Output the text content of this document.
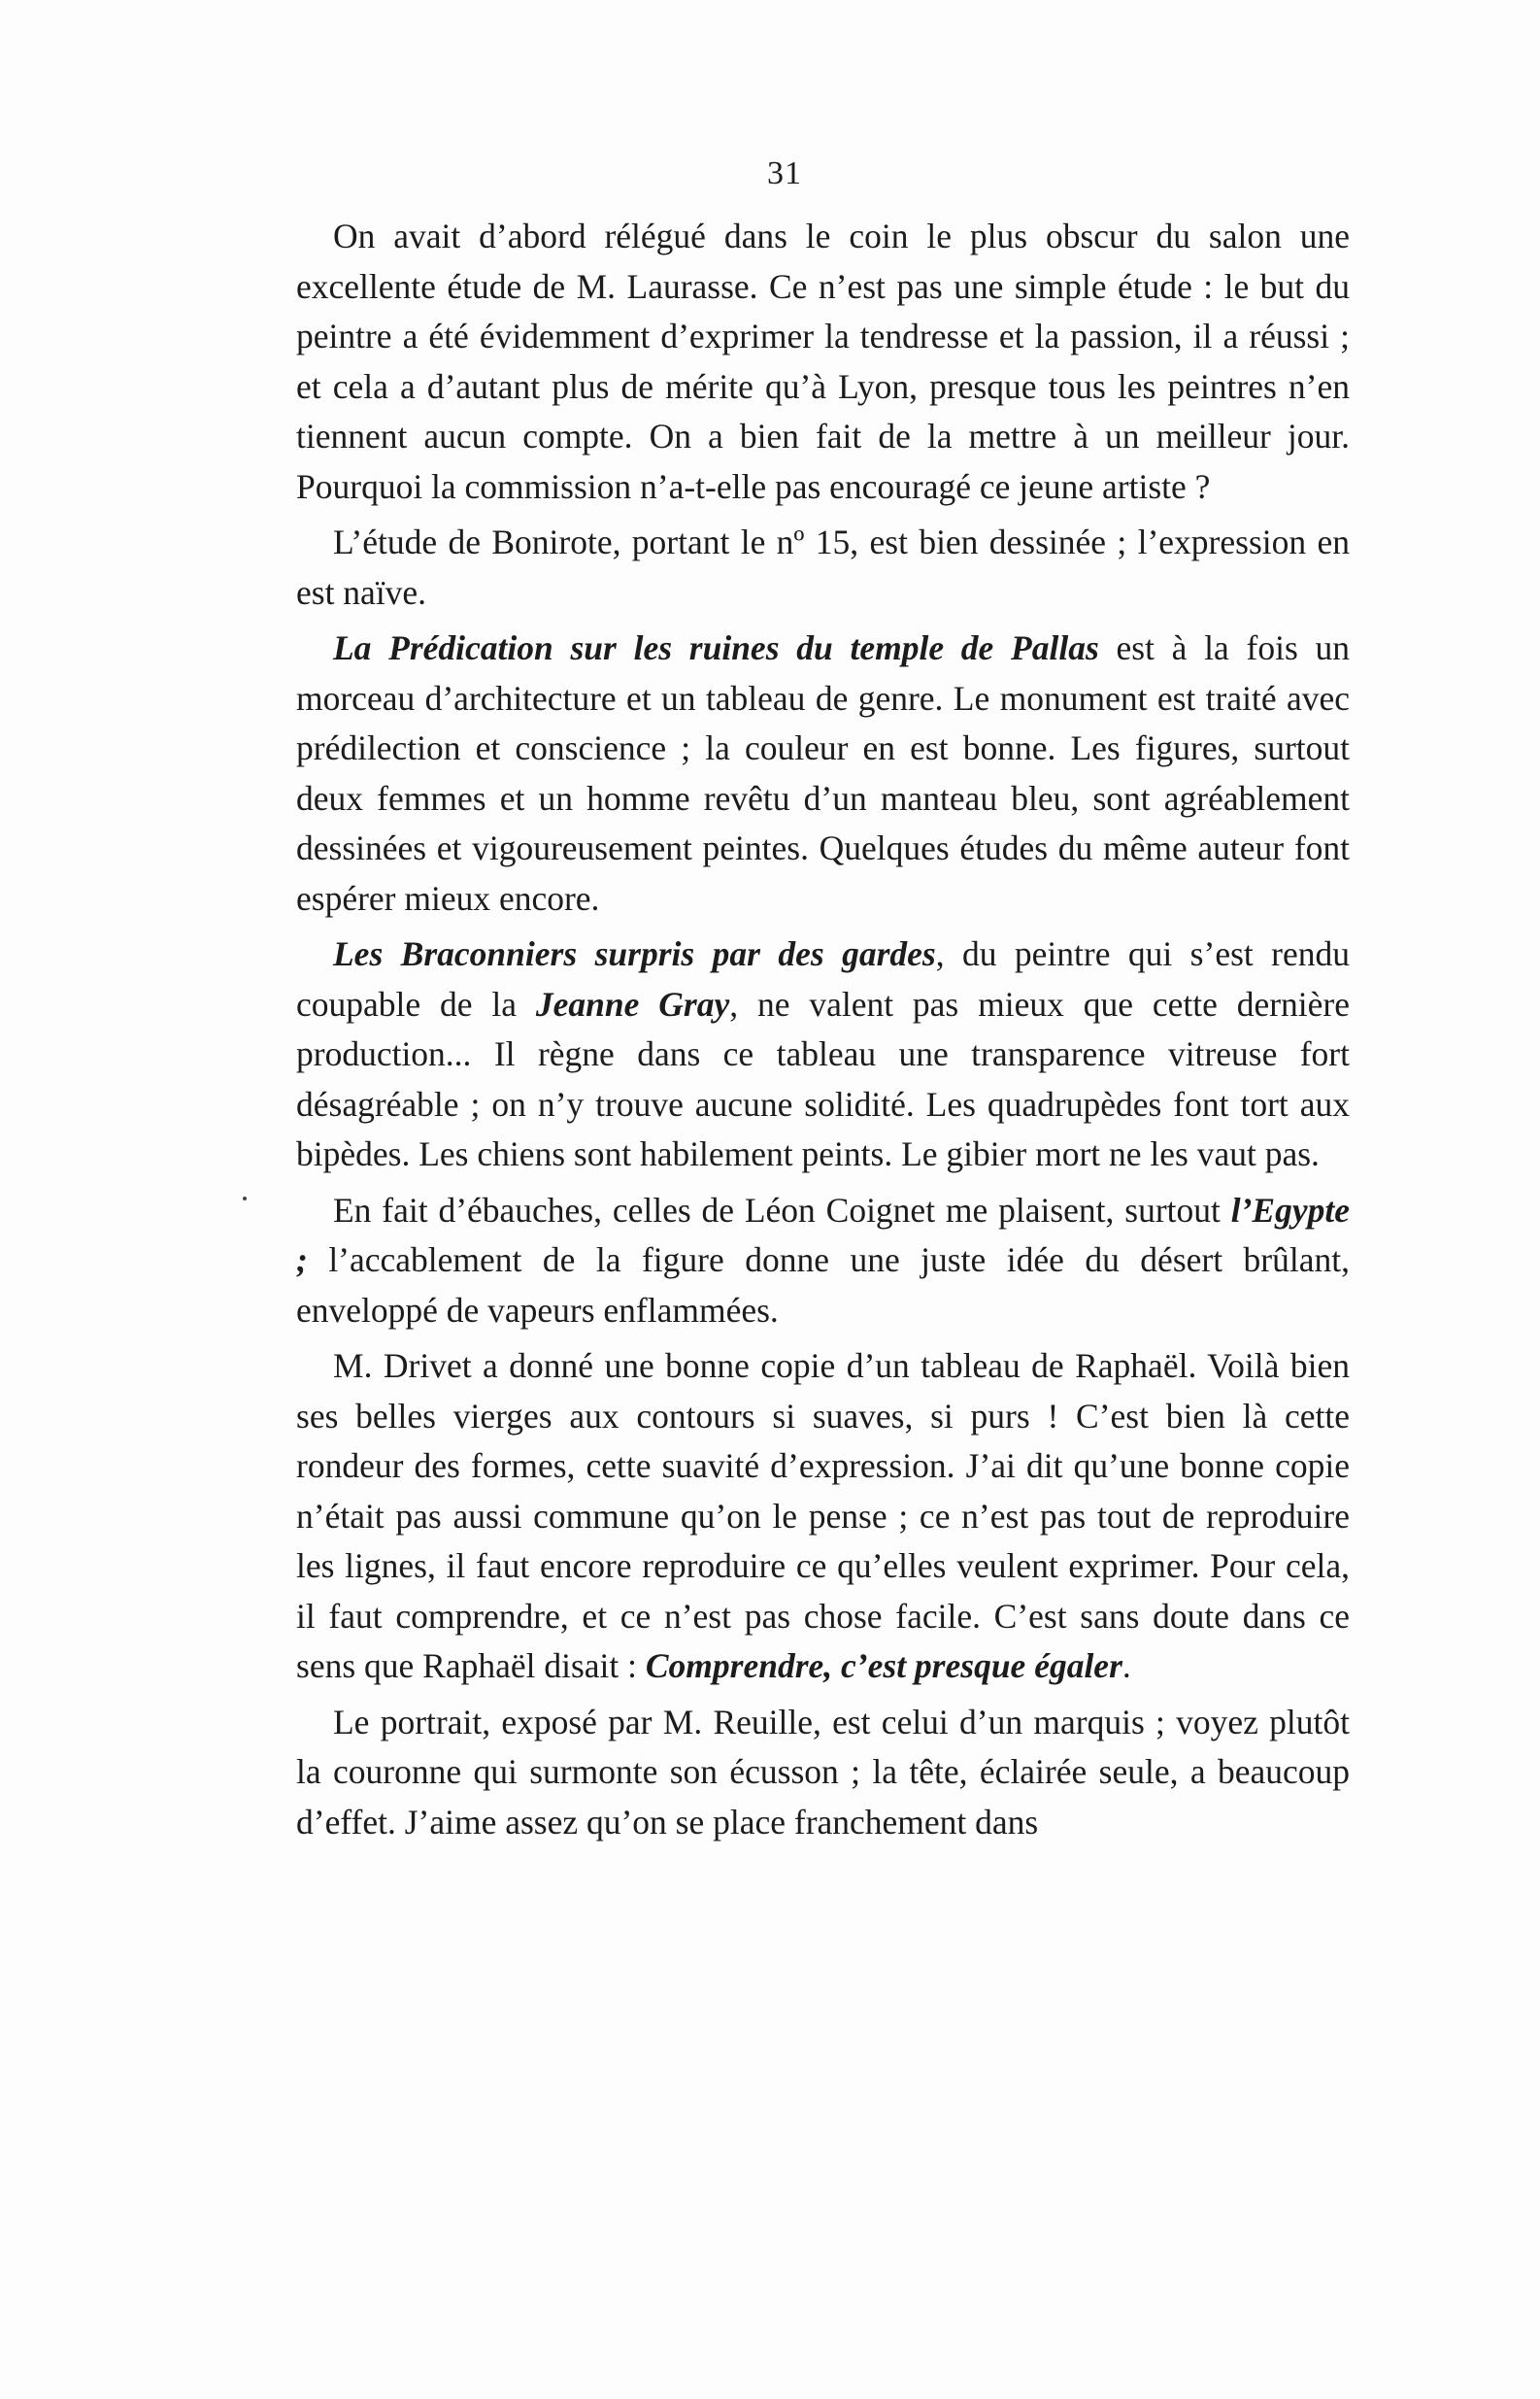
31

On avait d’abord rélégué dans le coin le plus obscur du salon une excellente étude de M. Laurasse. Ce n’est pas une simple étude : le but du peintre a été évidemment d’exprimer la tendresse et la passion, il a réussi ; et cela a d’autant plus de mérite qu’à Lyon, presque tous les peintres n’en tiennent aucun compte. On a bien fait de la mettre à un meilleur jour. Pourquoi la commission n’a-t-elle pas encouragé ce jeune artiste ?

L’étude de Bonirote, portant le nº 15, est bien dessinée ; l’expression en est naïve.

La Prédication sur les ruines du temple de Pallas est à la fois un morceau d’architecture et un tableau de genre. Le monument est traité avec prédilection et conscience ; la couleur en est bonne. Les figures, surtout deux femmes et un homme revêtu d’un manteau bleu, sont agréablement dessinées et vigoureusement peintes. Quelques études du même auteur font espérer mieux encore.

Les Braconniers surpris par des gardes, du peintre qui s’est rendu coupable de la Jeanne Gray, ne valent pas mieux que cette dernière production... Il règne dans ce tableau une transparence vitreuse fort désagréable ; on n’y trouve aucune solidité. Les quadrupèdes font tort aux bipèdes. Les chiens sont habilement peints. Le gibier mort ne les vaut pas.

En fait d’ébauches, celles de Léon Coignet me plaisent, surtout l’Egypte ; l’accablement de la figure donne une juste idée du désert brûlant, enveloppé de vapeurs enflammées.

M. Drivet a donné une bonne copie d’un tableau de Raphaël. Voilà bien ses belles vierges aux contours si suaves, si purs ! C’est bien là cette rondeur des formes, cette suavité d’expression. J’ai dit qu’une bonne copie n’était pas aussi commune qu’on le pense ; ce n’est pas tout de reproduire les lignes, il faut encore reproduire ce qu’elles veulent exprimer. Pour cela, il faut comprendre, et ce n’est pas chose facile. C’est sans doute dans ce sens que Raphaël disait : Comprendre, c’est presque égaler.

Le portrait, exposé par M. Reuille, est celui d’un marquis ; voyez plutôt la couronne qui surmonte son écusson ; la tête, éclairée seule, a beaucoup d’effet. J’aime assez qu’on se place franchement dans
